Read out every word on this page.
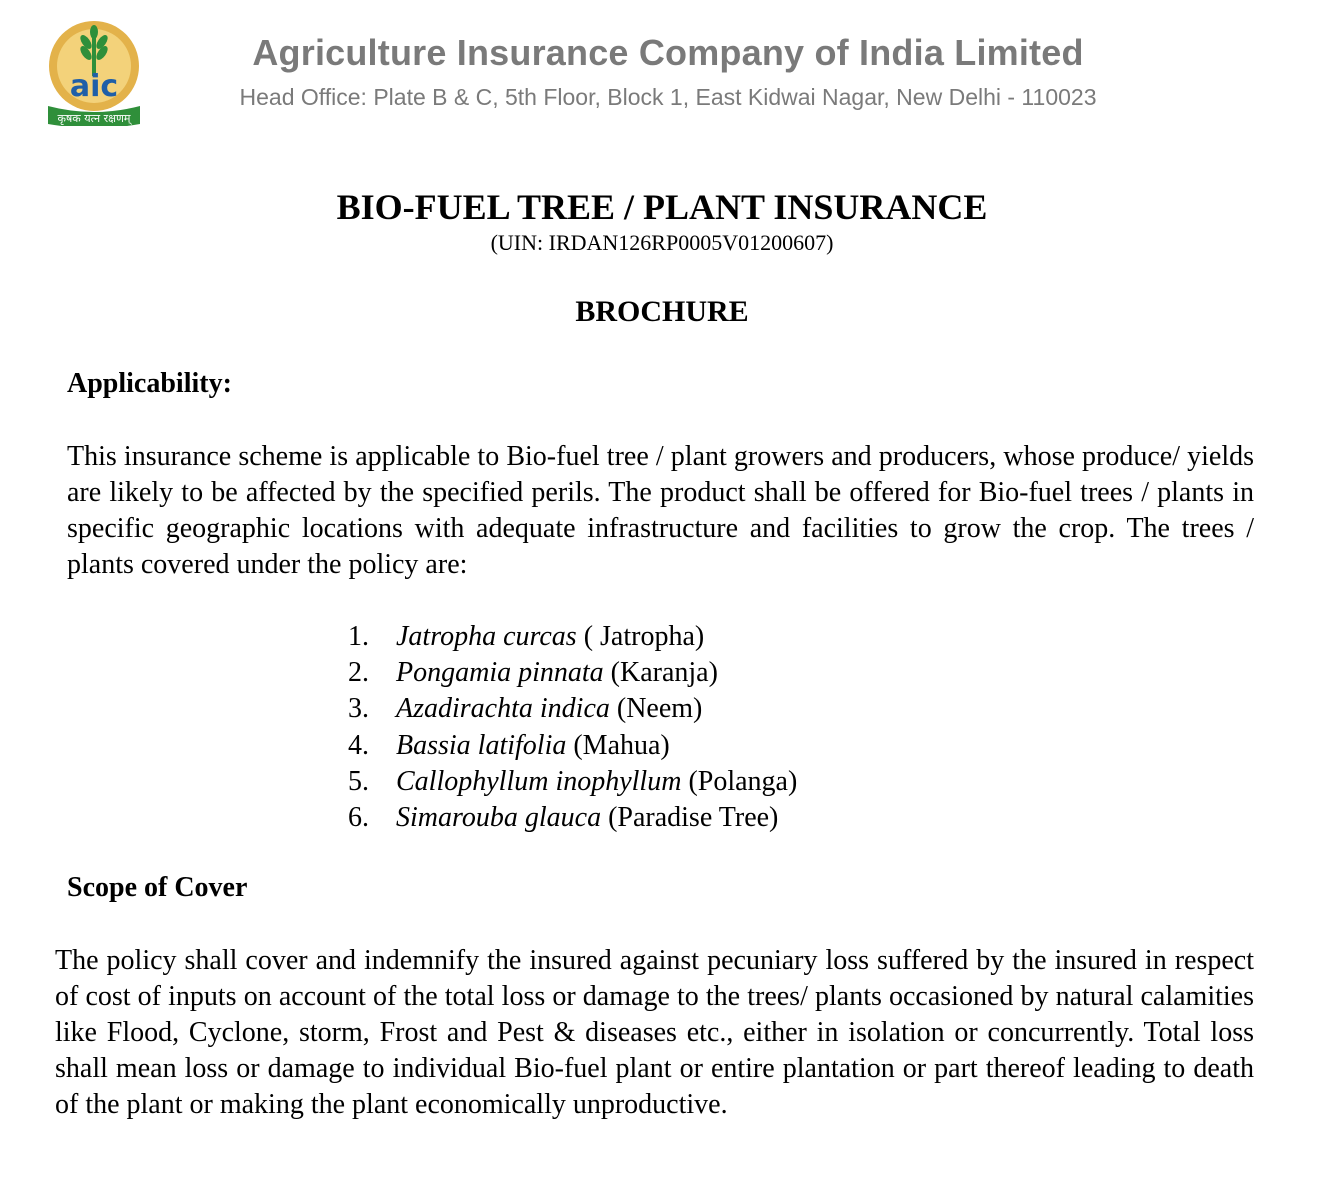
aic
कृषक यत्न रक्षणम्
Agriculture Insurance Company of India Limited
Head Office: Plate B & C, 5th Floor, Block 1, East Kidwai Nagar, New Delhi - 110023
BIO-FUEL TREE / PLANT INSURANCE
(UIN: IRDAN126RP0005V01200607)
BROCHURE
Applicability:

This insurance scheme is applicable to Bio-fuel tree / plant growers and producers, whose produce/ yields are likely to be affected by the specified perils. The product shall be offered for Bio-fuel trees / plants in specific geographic locations with adequate infrastructure and facilities to grow the crop. The trees / plants covered under the policy are:

1. Jatropha curcas ( Jatropha)
2. Pongamia pinnata (Karanja)
3. Azadirachta indica (Neem)
4. Bassia latifolia (Mahua)
5. Callophyllum inophyllum (Polanga)
6. Simarouba glauca (Paradise Tree)
Scope of Cover

The policy shall cover and indemnify the insured against pecuniary loss suffered by the insured in respect of cost of inputs on account of the total loss or damage to the trees/ plants occasioned by natural calamities like Flood, Cyclone, storm, Frost and Pest & diseases etc., either in isolation or concurrently. Total loss shall mean loss or damage to individual Bio-fuel plant or entire plantation or part thereof leading to death of the plant or making the plant economically unproductive.
